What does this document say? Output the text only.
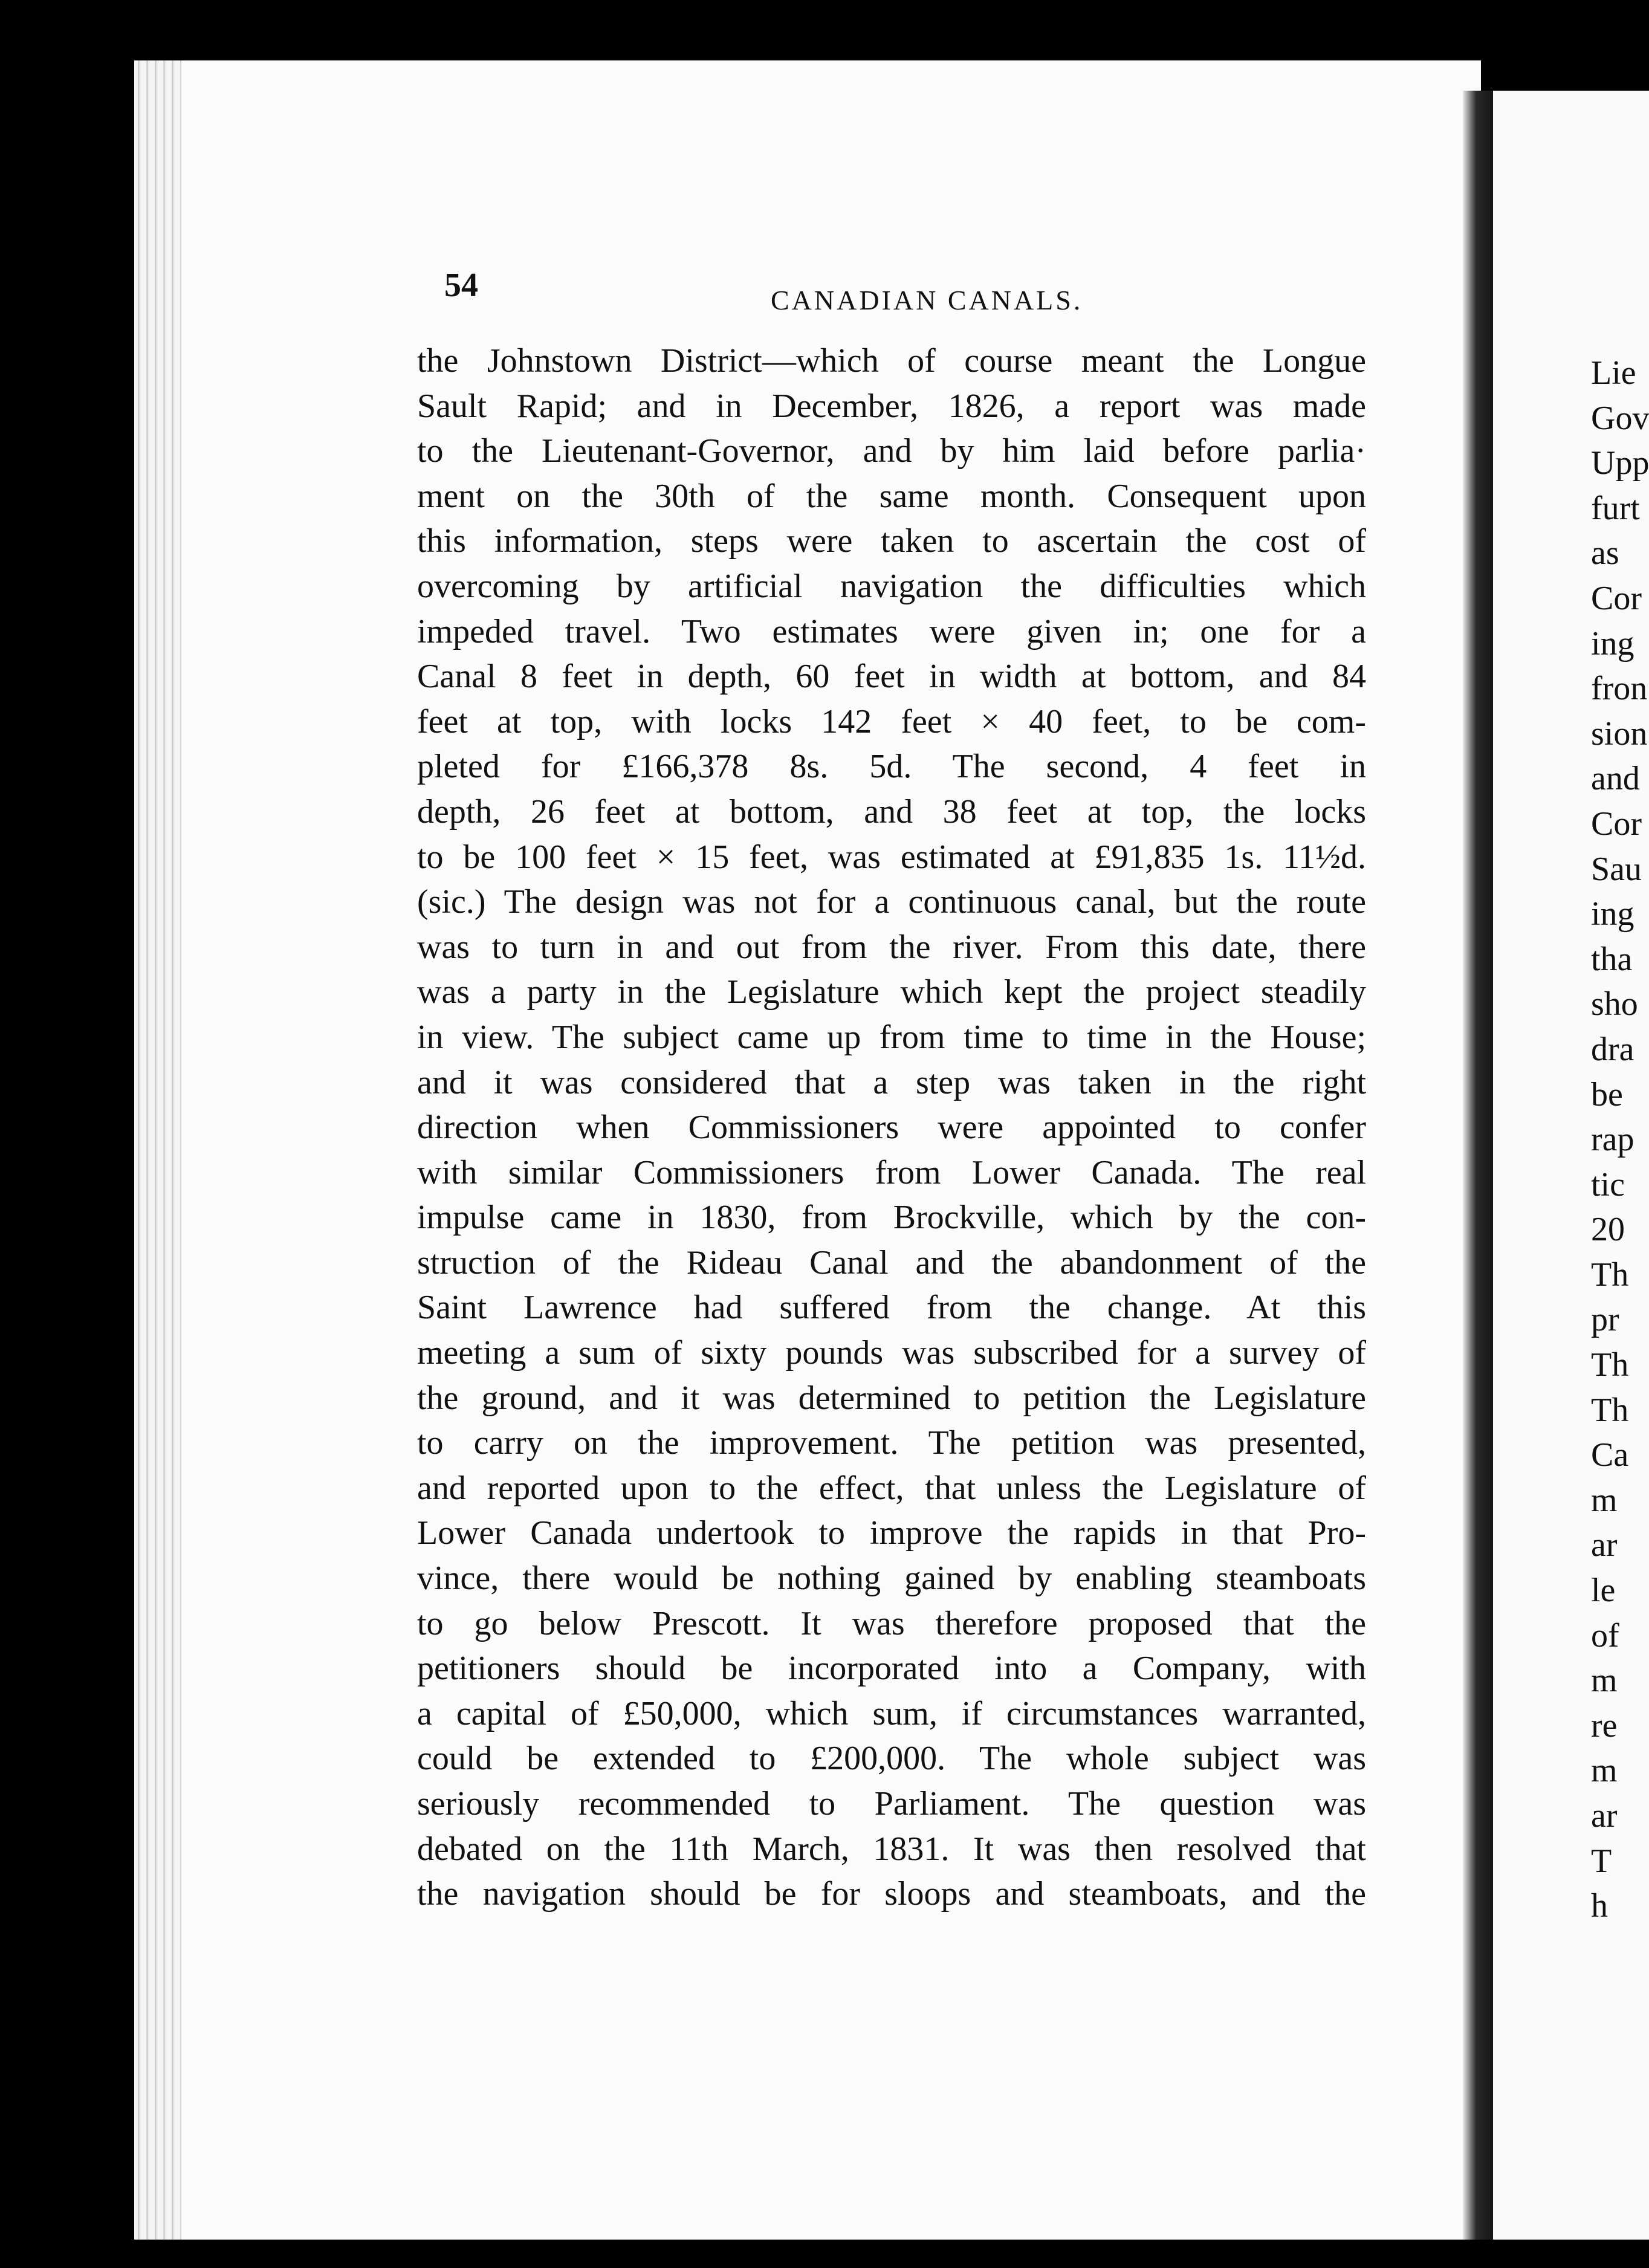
54	CANADIAN CANALS.
the Johnstown District—which of course meant the Longue
Sault Rapid; and in December, 1826, a report was made
to the Lieutenant-Governor, and by him laid before parlia·
ment on the 30th of the same month. Consequent upon
this information, steps were taken to ascertain the cost of
overcoming by artificial navigation the difficulties which
impeded travel. Two estimates were given in; one for a
Canal 8 feet in depth, 60 feet in width at bottom, and 84
feet at top, with locks 142 feet × 40 feet, to be com-
pleted for £166,378 8s. 5d. The second, 4 feet in
depth, 26 feet at bottom, and 38 feet at top, the locks
to be 100 feet × 15 feet, was estimated at £91,835 1s. 11½d.
(sic.) The design was not for a continuous canal, but the route
was to turn in and out from the river. From this date, there
was a party in the Legislature which kept the project steadily
in view. The subject came up from time to time in the House;
and it was considered that a step was taken in the right
direction when Commissioners were appointed to confer
with similar Commissioners from Lower Canada. The real
impulse came in 1830, from Brockville, which by the con-
struction of the Rideau Canal and the abandonment of the
Saint Lawrence had suffered from the change. At this
meeting a sum of sixty pounds was subscribed for a survey of
the ground, and it was determined to petition the Legislature
to carry on the improvement. The petition was presented,
and reported upon to the effect, that unless the Legislature of
Lower Canada undertook to improve the rapids in that Pro-
vince, there would be nothing gained by enabling steamboats
to go below Prescott. It was therefore proposed that the
petitioners should be incorporated into a Company, with
a capital of £50,000, which sum, if circumstances warranted,
could be extended to £200,000. The whole subject was
seriously recommended to Parliament. The question was
debated on the 11th March, 1831. It was then resolved that
the navigation should be for sloops and steamboats, and the
Lie
Gov
Upp
furt
as
Cor
ing
fron
sion
and
Cor
Sau
ing
tha
sho
dra
be
rap
tic
20
Th
pr
Th
Th
Ca
m
ar
le
of
m
re
m
ar
T
h
